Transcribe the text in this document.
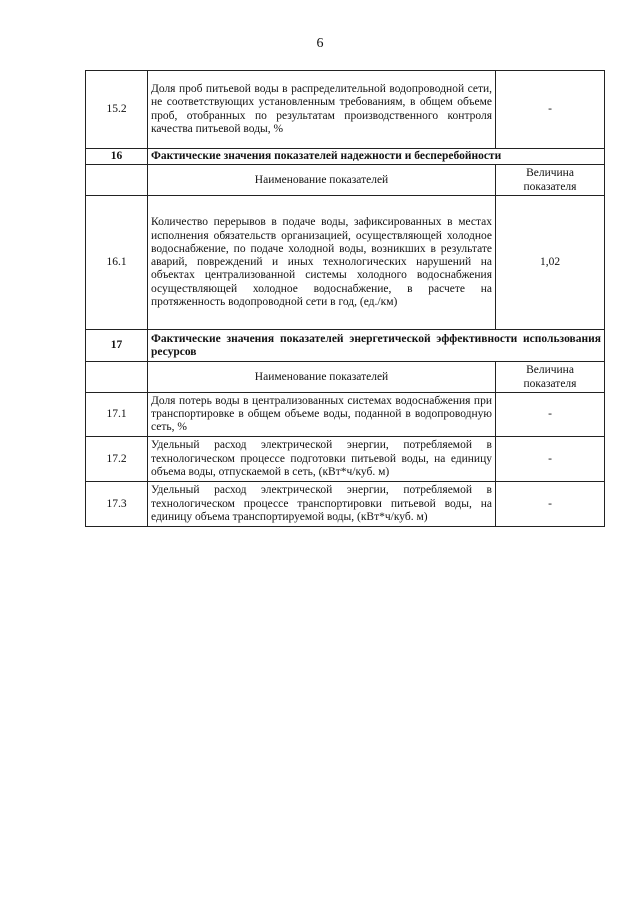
6
15.2	Доля проб питьевой воды в распределительной водопроводной сети, не соответствующих установленным требованиям, в общем объеме проб, отобранных по результатам производственного контроля качества питьевой воды, %	-
16	Фактические значения показателей надежности и бесперебойности	
	Наименование показателей	Величина показателя
16.1	Количество перерывов в подаче воды, зафиксированных в местах исполнения обязательств организацией, осуществляющей холодное водоснабжение, по подаче холодной воды, возникших в результате аварий, повреждений и иных технологических нарушений на объектах централизованной системы холодного водоснабжения осуществляющей холодное водоснабжение, в расчете на протяженность водопроводной сети в год, (ед./км)	1,02
17	Фактические значения показателей энергетической эффективности использования ресурсов	
	Наименование показателей	Величина показателя
17.1	Доля потерь воды в централизованных системах водоснабжения при транспортировке в общем объеме воды, поданной в водопроводную сеть, %	-
17.2	Удельный расход электрической энергии, потребляемой в технологическом процессе подготовки питьевой воды, на единицу объема воды, отпускаемой в сеть, (кВт*ч/куб. м)	-
17.3	Удельный расход электрической энергии, потребляемой в технологическом процессе транспортировки питьевой воды, на единицу объема транспортируемой воды, (кВт*ч/куб. м)	-
